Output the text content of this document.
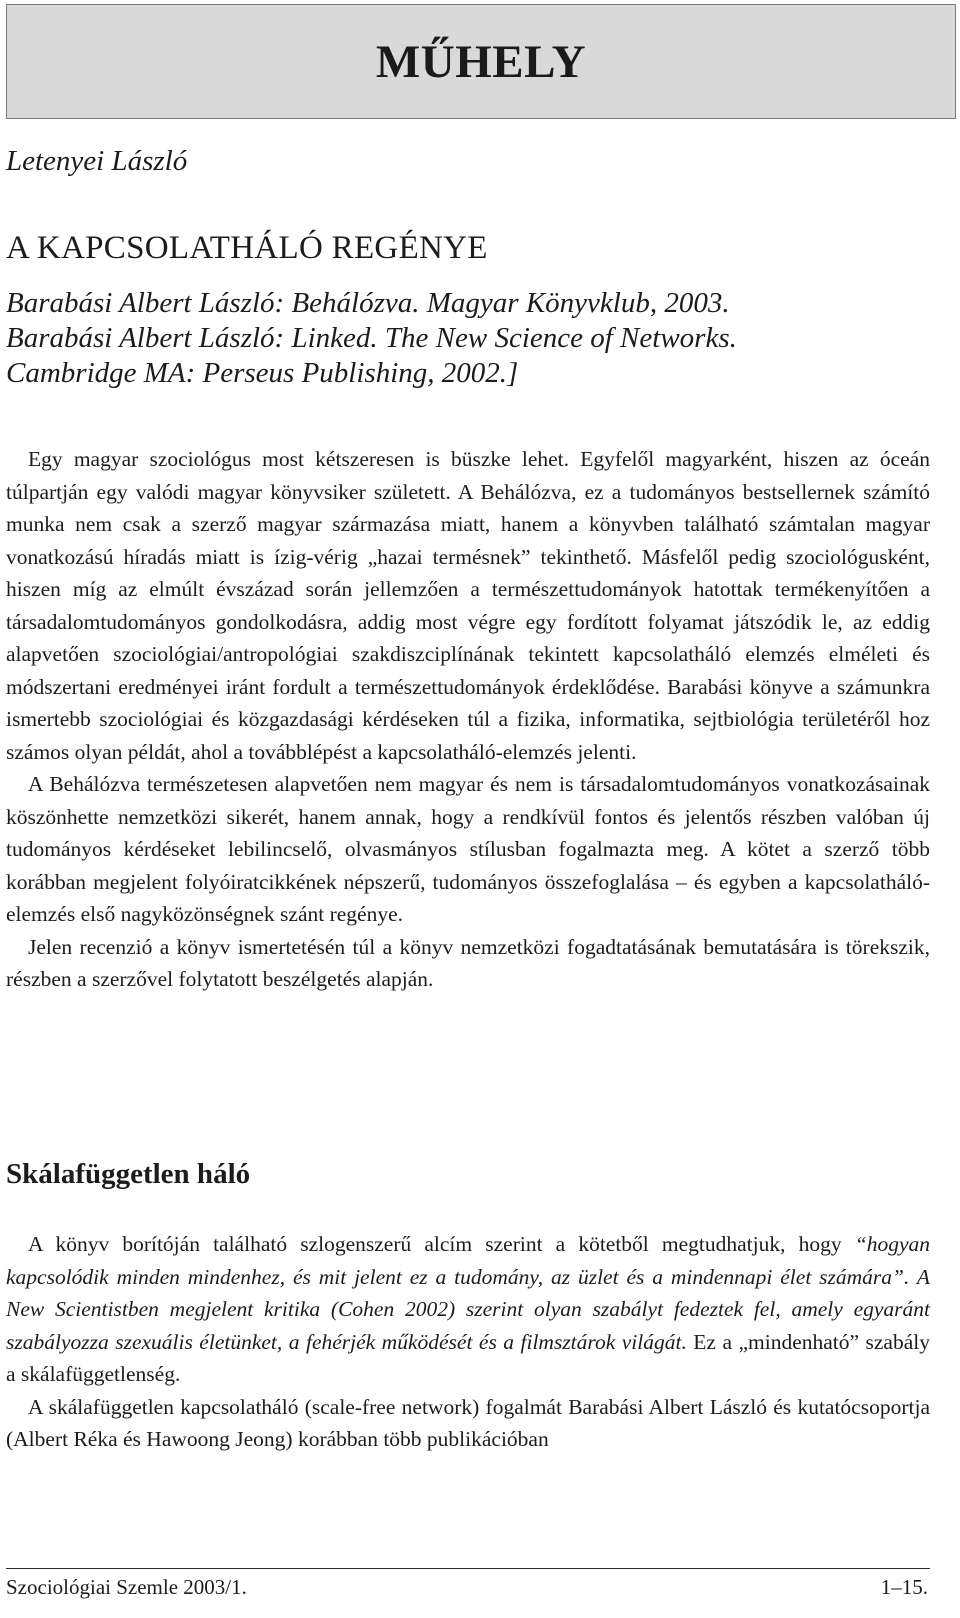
MŰHELY
Letenyei László
A KAPCSOLATHÁLÓ REGÉNYE
Barabási Albert László: Behálózva. Magyar Könyvklub, 2003.
Barabási Albert László: Linked. The New Science of Networks.
Cambridge MA: Perseus Publishing, 2002.]

Egy magyar szociológus most kétszeresen is büszke lehet. Egyfelől magyarként, hiszen az óceán túlpartján egy valódi magyar könyvsiker született. A Behálózva, ez a tudományos bestsellernek számító munka nem csak a szerző magyar származása miatt, hanem a könyvben található számtalan magyar vonatkozású híradás miatt is ízig-vérig „hazai termésnek” tekinthető. Másfelől pedig szociológusként, hiszen míg az elmúlt évszázad során jellemzően a természettudományok hatottak termékenyítően a társadalomtudományos gondolkodásra, addig most végre egy fordított folyamat játszódik le, az eddig alapvetően szociológiai/antropológiai szakdiszciplínának tekintett kapcsolatháló elemzés elméleti és módszertani eredményei iránt fordult a természettudományok érdeklődése. Barabási könyve a számunkra ismertebb szociológiai és közgazdasági kérdéseken túl a fizika, informatika, sejtbiológia területéről hoz számos olyan példát, ahol a továbblépést a kapcsolatháló-elemzés jelenti.

A Behálózva természetesen alapvetően nem magyar és nem is társadalomtudományos vonatkozásainak köszönhette nemzetközi sikerét, hanem annak, hogy a rendkívül fontos és jelentős részben valóban új tudományos kérdéseket lebilincselő, olvasmányos stílusban fogalmazta meg. A kötet a szerző több korábban megjelent folyóiratcikkének népszerű, tudományos összefoglalása – és egyben a kapcsolatháló-elemzés első nagyközönségnek szánt regénye.

Jelen recenzió a könyv ismertetésén túl a könyv nemzetközi fogadtatásának bemutatására is törekszik, részben a szerzővel folytatott beszélgetés alapján.

Skálafüggetlen háló

A könyv borítóján található szlogenszerű alcím szerint a kötetből megtudhatjuk, hogy “hogyan kapcsolódik minden mindenhez, és mit jelent ez a tudomány, az üzlet és a mindennapi élet számára”. A New Scientistben megjelent kritika (Cohen 2002) szerint olyan szabályt fedeztek fel, amely egyaránt szabályozza szexuális életünket, a fehérjék működését és a filmsztárok világát. Ez a „mindenható” szabály a skálafüggetlenség.

A skálafüggetlen kapcsolatháló (scale-free network) fogalmát Barabási Albert László és kutatócsoportja (Albert Réka és Hawoong Jeong) korábban több publikációban

Szociológiai Szemle 2003/1.	1–15.
